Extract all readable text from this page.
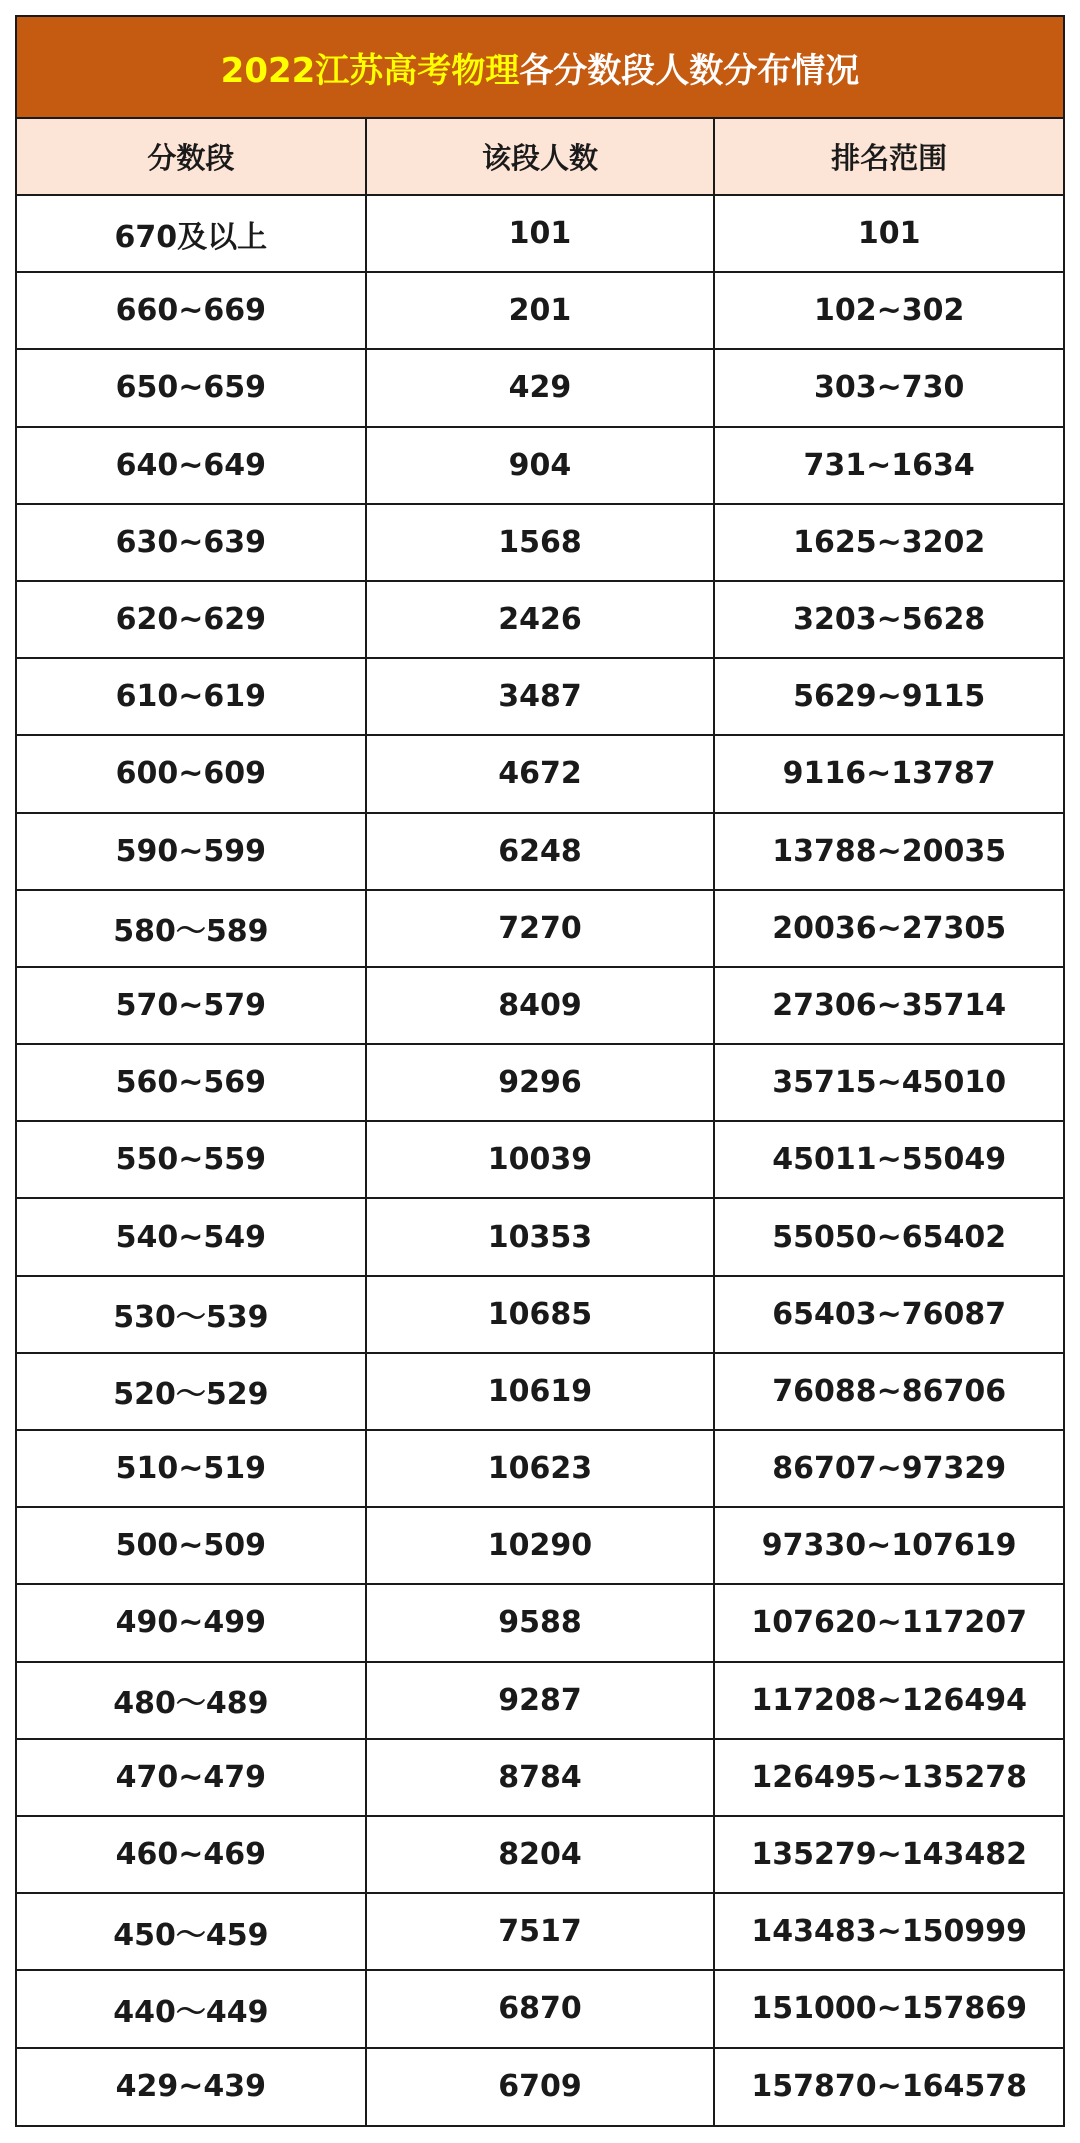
2022江苏高考物理 各分数段人数分布情况
分数段	该段人数	排名范围
670及以上	101	101
660~669	201	102~302
650~659	429	303~730
640~649	904	731~1634
630~639	1568	1625~3202
620~629	2426	3203~5628
610~619	3487	5629~9115
600~609	4672	9116~13787
590~599	6248	13788~20035
580～589	7270	20036~27305
570~579	8409	27306~35714
560~569	9296	35715~45010
550~559	10039	45011~55049
540~549	10353	55050~65402
530～539	10685	65403~76087
520～529	10619	76088~86706
510~519	10623	86707~97329
500~509	10290	97330~107619
490~499	9588	107620~117207
480～489	9287	117208~126494
470~479	8784	126495~135278
460~469	8204	135279~143482
450～459	7517	143483~150999
440～449	6870	151000~157869
429~439	6709	157870~164578
